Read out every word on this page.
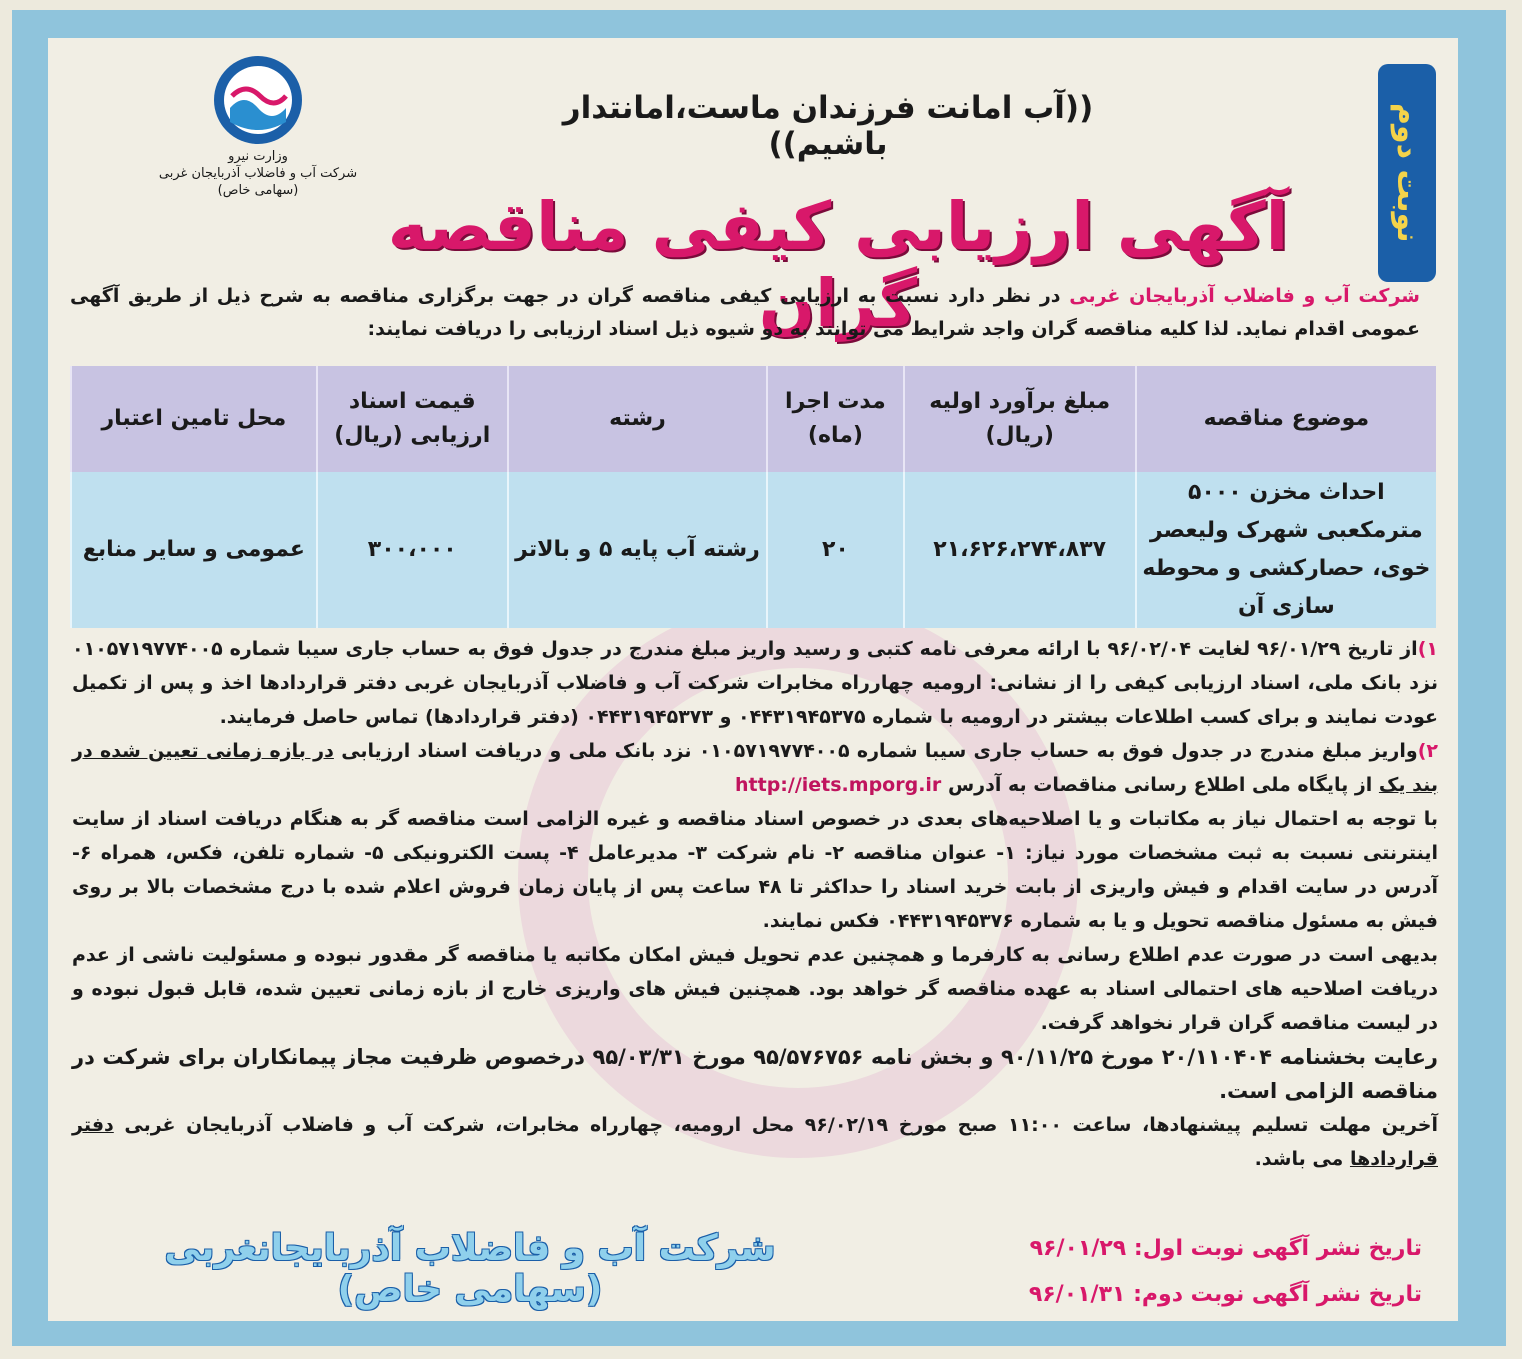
نوبت دوم
وزارت نیرو
شرکت آب و فاضلاب آذربایجان غربی
(سهامی خاص)
((آب امانت فرزندان ماست،امانتدار باشیم))
آگهی ارزیابی کیفی مناقصه گران	شرکت آب و فاضلاب آذربایجان غربی در نظر دارد نسبت به ارزیابی کیفی مناقصه گران در جهت برگزاری مناقصه به شرح ذیل از طریق آگهی عمومی اقدام نماید. لذا کلیه مناقصه گران واجد شرایط می توانند به دو شیوه ذیل اسناد ارزیابی را دریافت نمایند:
موضوع مناقصه	مبلغ برآورد اولیه (ریال)	مدت اجرا (ماه)	رشته	قیمت اسناد ارزیابی (ریال)	محل تامین اعتبار
احداث مخزن ۵۰۰۰ مترمکعبی شهرک ولیعصر خوی، حصارکشی و محوطه سازی آن	۲۱،۶۲۶،۲۷۴،۸۳۷	۲۰	رشته آب پایه ۵ و بالاتر	۳۰۰،۰۰۰	عمومی و سایر منابع

۱)از تاریخ ۹۶/۰۱/۲۹ لغایت ۹۶/۰۲/۰۴ با ارائه معرفی نامه کتبی و رسید واریز مبلغ مندرج در جدول فوق به حساب جاری سیبا شماره ۰۱۰۵۷۱۹۷۷۴۰۰۵ نزد بانک ملی، اسناد ارزیابی کیفی را از نشانی: ارومیه چهارراه مخابرات شرکت آب و فاضلاب آذربایجان غربی دفتر قراردادها اخذ و پس از تکمیل عودت نمایند و برای کسب اطلاعات بیشتر در ارومیه با شماره ۰۴۴۳۱۹۴۵۳۷۵ و ۰۴۴۳۱۹۴۵۳۷۳ (دفتر قراردادها) تماس حاصل فرمایند.

۲)واریز مبلغ مندرج در جدول فوق به حساب جاری سیبا شماره ۰۱۰۵۷۱۹۷۷۴۰۰۵ نزد بانک ملی و دریافت اسناد ارزیابی در بازه زمانی تعیین شده در بند یک از پایگاه ملی اطلاع رسانی مناقصات به آدرس http://iets.mporg.ir

با توجه به احتمال نیاز به مکاتبات و یا اصلاحیه‌های بعدی در خصوص اسناد مناقصه و غیره الزامی است مناقصه گر به هنگام دریافت اسناد از سایت اینترنتی نسبت به ثبت مشخصات مورد نیاز: ۱- عنوان مناقصه ۲- نام شرکت ۳- مدیرعامل ۴- پست الکترونیکی ۵- شماره تلفن، فکس، همراه ۶- آدرس در سایت اقدام و فیش واریزی از بابت خرید اسناد را حداکثر تا ۴۸ ساعت پس از پایان زمان فروش اعلام شده با درج مشخصات بالا بر روی فیش به مسئول مناقصه تحویل و یا به شماره ۰۴۴۳۱۹۴۵۳۷۶ فکس نمایند.

بدیهی است در صورت عدم اطلاع رسانی به کارفرما و همچنین عدم تحویل فیش امکان مکاتبه یا مناقصه گر مقدور نبوده و مسئولیت ناشی از عدم دریافت اصلاحیه های احتمالی اسناد به عهده مناقصه گر خواهد بود. همچنین فیش های واریزی خارج از بازه زمانی تعیین شده، قابل قبول نبوده و در لیست مناقصه گران قرار نخواهد گرفت.

رعایت بخشنامه ۲۰/۱۱۰۴۰۴ مورخ ۹۰/۱۱/۲۵ و بخش نامه ۹۵/۵۷۶۷۵۶ مورخ ۹۵/۰۳/۳۱ درخصوص ظرفیت مجاز پیمانکاران برای شرکت در مناقصه الزامی است.

آخرین مهلت تسلیم پیشنهادها، ساعت ۱۱:۰۰ صبح مورخ ۹۶/۰۲/۱۹ محل ارومیه، چهارراه مخابرات، شرکت آب و فاضلاب آذربایجان غربی دفتر قراردادها می باشد.

تاریخ نشر آگهی نوبت اول: ۹۶/۰۱/۲۹
تاریخ نشر آگهی نوبت دوم: ۹۶/۰۱/۳۱
شرکت آب و فاضلاب آذربایجانغربی (سهامی خاص)
